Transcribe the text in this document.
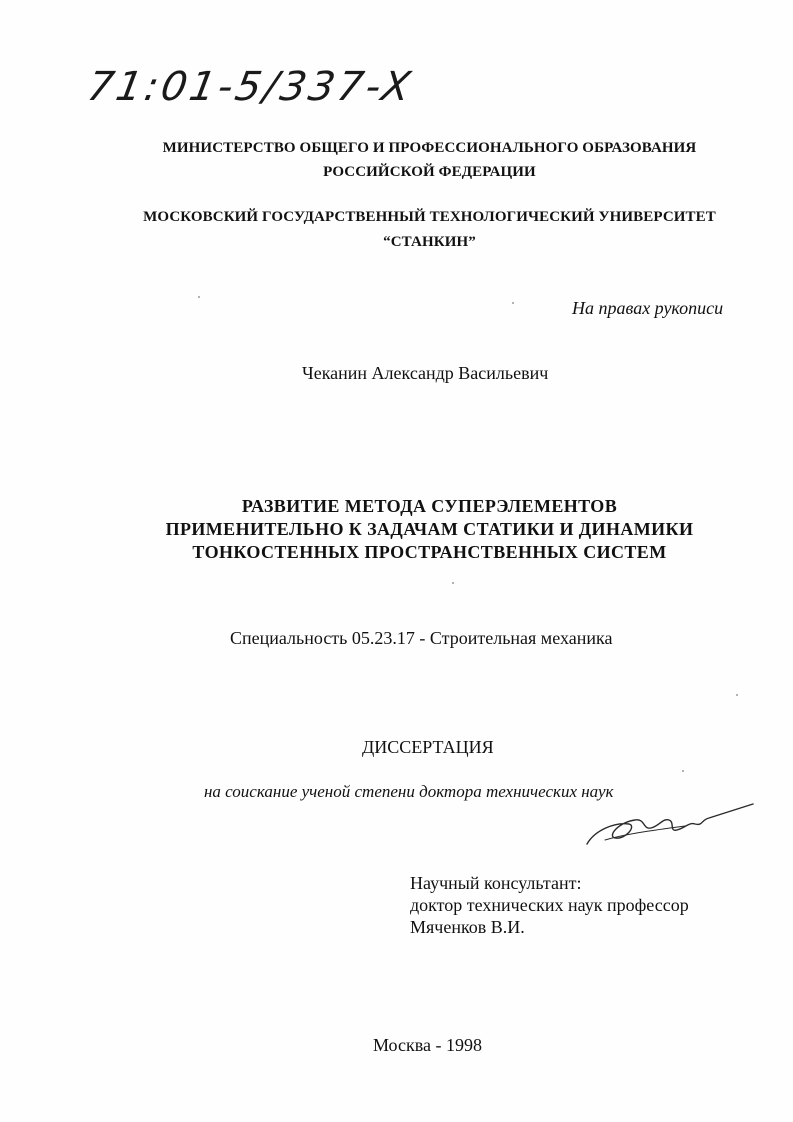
71:01-5/337-X
МИНИСТЕРСТВО ОБЩЕГО И ПРОФЕССИОНАЛЬНОГО ОБРАЗОВАНИЯ
РОССИЙСКОЙ ФЕДЕРАЦИИ
МОСКОВСКИЙ ГОСУДАРСТВЕННЫЙ ТЕХНОЛОГИЧЕСКИЙ УНИВЕРСИТЕТ
“СТАНКИН”
На правах рукописи
Чеканин Александр Васильевич
РАЗВИТИЕ МЕТОДА СУПЕРЭЛЕМЕНТОВ
ПРИМЕНИТЕЛЬНО К ЗАДАЧАМ СТАТИКИ И ДИНАМИКИ
ТОНКОСТЕННЫХ ПРОСТРАНСТВЕННЫХ СИСТЕМ
Специальность 05.23.17 - Строительная механика
ДИССЕРТАЦИЯ
на соискание ученой степени доктора технических наук
Научный консультант:
доктор технических наук профессор
Мяченков В.И.
Москва - 1998
